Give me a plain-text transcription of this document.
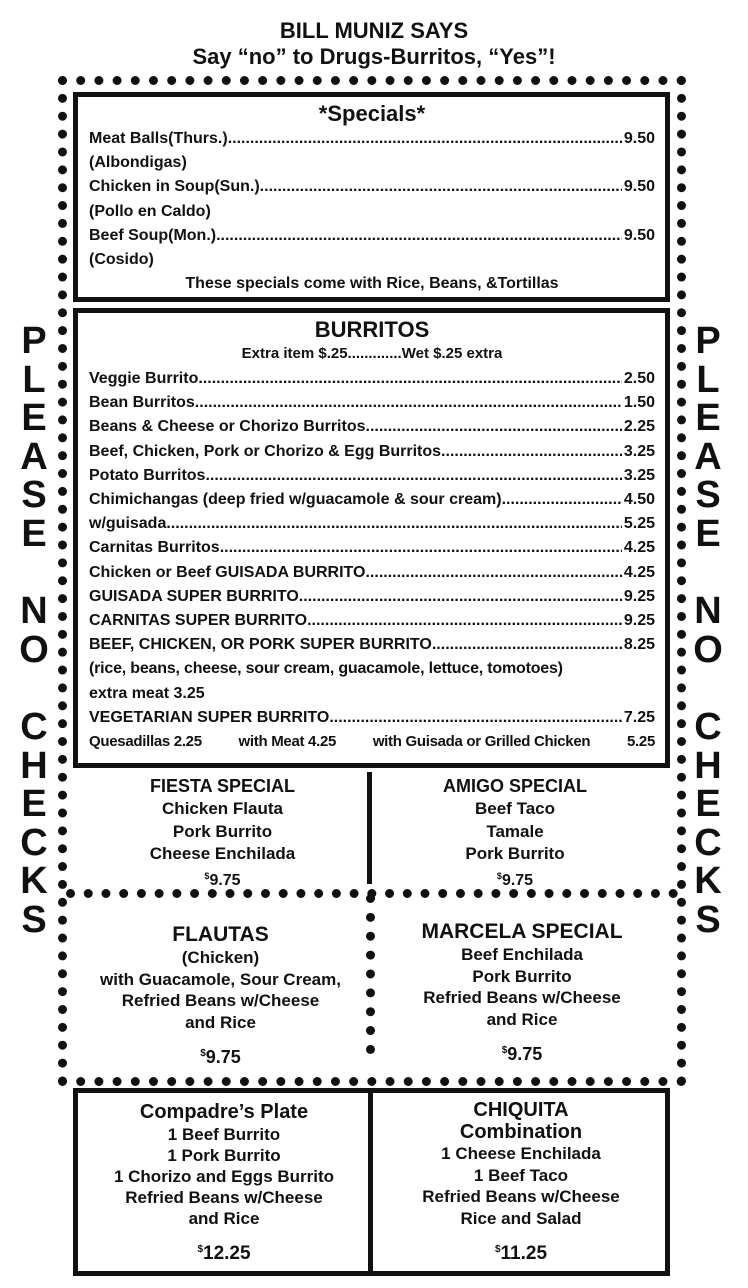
BILL MUNIZ SAYS
Say “no” to Drugs-Burritos, “Yes”!
P
L
E
A
S
E
N
O
C
H
E
C
K
S
P
L
E
A
S
E
N
O
C
H
E
C
K
S
*Specials*
Meat Balls(Thurs.) .....	9.50
(Albondigas)
Chicken in Soup(Sun.) .....	9.50
(Pollo en Caldo)
Beef Soup(Mon.) .....	9.50
(Cosido)
These specials come with Rice, Beans, &Tortillas
BURRITOS
Extra item $.25.............Wet $.25 extra
Veggie Burrito .....	2.50
Bean Burritos .....	1.50
Beans & Cheese or Chorizo Burritos .....	2.25
Beef, Chicken, Pork or Chorizo & Egg Burritos .....	3.25
Potato Burritos .....	3.25
Chimichangas (deep fried w/guacamole & sour cream) .....	4.50
w/guisada .....	5.25
Carnitas Burritos .....	4.25
Chicken or Beef GUISADA BURRITO .....	4.25
GUISADA SUPER BURRITO. .....	9.25
CARNITAS SUPER BURRITO .....	9.25
BEEF, CHICKEN, OR PORK SUPER BURRITO .....	8.25
(rice, beans, cheese, sour cream, guacamole, lettuce, tomotoes)
extra meat 3.25
VEGETARIAN SUPER BURRITO .....	7.25
Quesadillas 2.25 with Meat 4.25 with Guisada or Grilled Chicken 5.25
FIESTA SPECIAL
Chicken Flauta
Pork Burrito
Cheese Enchilada
$9.75
AMIGO SPECIAL
Beef Taco
Tamale
Pork Burrito
$9.75
FLAUTAS
(Chicken)
with Guacamole, Sour Cream,
Refried Beans w/Cheese
and Rice
$9.75
MARCELA SPECIAL
Beef Enchilada
Pork Burrito
Refried Beans w/Cheese
and Rice
$9.75
Compadre’s Plate
1 Beef Burrito
1 Pork Burrito
1 Chorizo and Eggs Burrito
Refried Beans w/Cheese
and Rice
$12.25
CHIQUITA
Combination
1 Cheese Enchilada
1 Beef Taco
Refried Beans w/Cheese
Rice and Salad
$11.25
